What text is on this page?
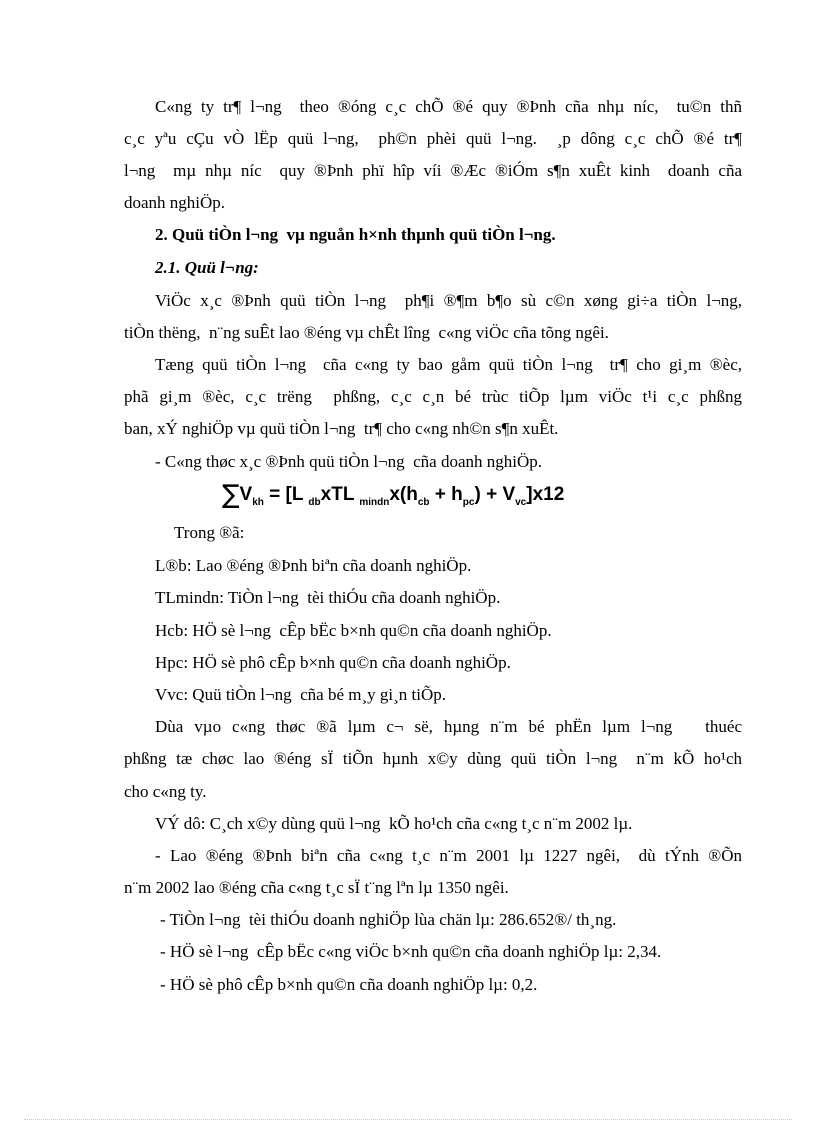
C«ng ty tr¶ l¬ng  theo ®óng c¸c chÕ ®é quy ®Þnh cña nhµ níc,  tu©n thñ
c¸c yªu cÇu vÒ lËp quü l¬ng,  ph©n phèi quü l¬ng.  ¸p dông c¸c chÕ ®é tr¶
l¬ng  mµ nhµ níc  quy ®Þnh phï hîp víi ®Æc ®iÓm s¶n xuÊt kinh  doanh cña
doanh nghiÖp.
2. Quü tiÒn l¬ng  vµ nguån h×nh thµnh quü tiÒn l¬ng.
2.1. Quü l¬ng:
ViÖc x¸c ®Þnh quü tiÒn l¬ng  ph¶i ®¶m b¶o sù c©n xøng gi÷a tiÒn l¬ng,
tiÒn thëng,  n¨ng suÊt lao ®éng vµ chÊt lîng  c«ng viÖc cña tõng ngêi.
Tæng quü tiÒn l¬ng  cña c«ng ty bao gåm quü tiÒn l¬ng  tr¶ cho gi¸m ®èc,
phã gi¸m ®èc, c¸c trëng  phßng, c¸c c¸n bé trùc tiÕp lµm viÖc t¹i c¸c phßng
ban, xÝ nghiÖp vµ quü tiÒn l¬ng  tr¶ cho c«ng nh©n s¶n xuÊt.
- C«ng thøc x¸c ®Þnh quü tiÒn l¬ng  cña doanh nghiÖp.
$\sum V_{kh} = [L$ $_{db}$xTL $_{mindn}x(h_{cb} + h_{pc}) + V_{vc}]x12$
Trong ®ã:
L®b: Lao ®éng ®Þnh biªn cña doanh nghiÖp.
TLmindn: TiÒn l¬ng  tèi thiÓu cña doanh nghiÖp.
Hcb: HÖ sè l¬ng  cÊp bËc b×nh qu©n cña doanh nghiÖp.
Hpc: HÖ sè phô cÊp b×nh qu©n cña doanh nghiÖp.
Vvc: Quü tiÒn l¬ng  cña bé m¸y gi¸n tiÕp.
Dùa vµo c«ng thøc ®ã lµm c¬ së, hµng n¨m bé phËn lµm l¬ng   thuéc
phßng tæ chøc lao ®éng sÏ tiÕn hµnh x©y dùng quü tiÒn l¬ng  n¨m kÕ ho¹ch
cho c«ng ty.
VÝ dô: C¸ch x©y dùng quü l¬ng  kÕ ho¹ch cña c«ng t¸c n¨m 2002 lµ.
- Lao ®éng ®Þnh biªn cña c«ng t¸c n¨m 2001 lµ 1227 ngêi,  dù tÝnh ®Õn
n¨m 2002 lao ®éng cña c«ng t¸c sÏ t¨ng lªn lµ 1350 ngêi.
- TiÒn l¬ng  tèi thiÓu doanh nghiÖp lùa chän lµ: 286.652®/ th¸ng.
- HÖ sè l¬ng  cÊp bËc c«ng viÖc b×nh qu©n cña doanh nghiÖp lµ: 2,34.
- HÖ sè phô cÊp b×nh qu©n cña doanh nghiÖp lµ: 0,2.
